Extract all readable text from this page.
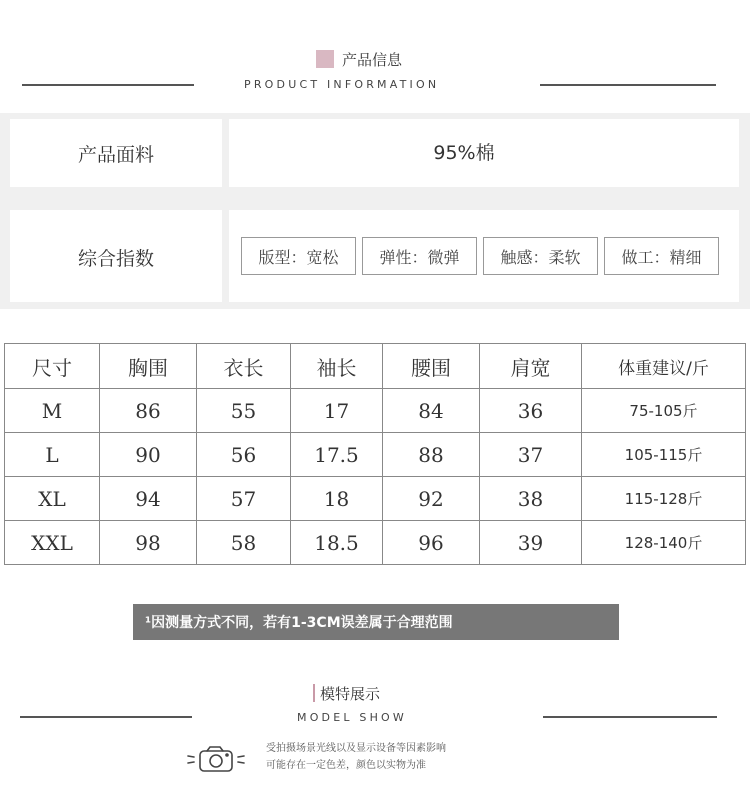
产品信息
PRODUCT INFORMATION
产品面料	95%棉
综合指数	版型：宽松	弹性：微弹	触感：柔软	做工：精细
尺寸	胸围	衣长	袖长	腰围	肩宽	体重建议/斤
M	86	55	17	84	36	75-105斤
L	90	56	17.5	88	37	105-115斤
XL	94	57	18	92	38	115-128斤
XXL	98	58	18.5	96	39	128-140斤
¹因测量方式不同，若有1-3CM误差属于合理范围
模特展示
MODEL SHOW
受拍摄场景光线以及显示设备等因素影响
可能存在一定色差，颜色以实物为准
